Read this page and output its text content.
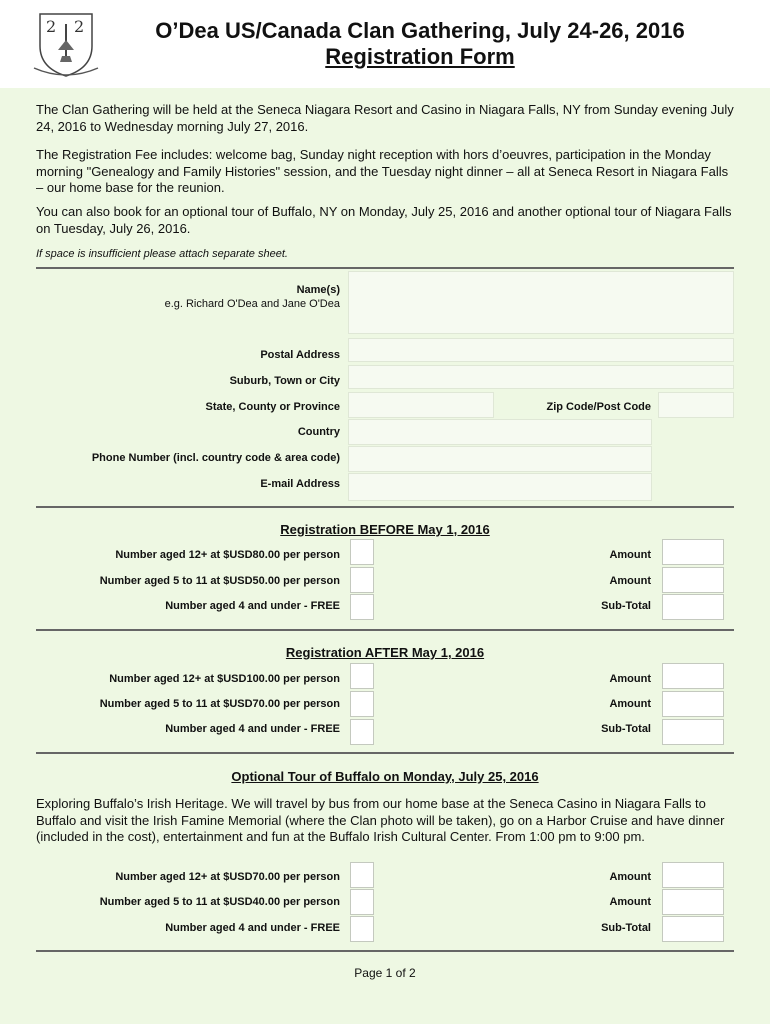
2 2	O’Dea US/Canada Clan Gathering, July 24-26, 2016
Registration Form
The Clan Gathering will be held at the Seneca Niagara Resort and Casino in Niagara Falls, NY from Sunday evening July 24, 2016 to Wednesday morning July 27, 2016.
The Registration Fee includes: welcome bag, Sunday night reception with hors d’oeuvres, participation in the Monday morning "Genealogy and Family Histories" session, and the Tuesday night dinner – all at Seneca Resort in Niagara Falls – our home base for the reunion.
You can also book for an optional tour of Buffalo, NY on Monday, July 25, 2016 and another optional tour of Niagara Falls on Tuesday, July 26, 2016.
If space is insufficient please attach separate sheet.
Name(s)
e.g. Richard O'Dea and Jane O'Dea
Postal Address
Suburb, Town or City
State, County or Province	Zip Code/Post Code
Country
Phone Number (incl. country code & area code)
E-mail Address
Registration BEFORE May 1, 2016
Number aged 12+ at $USD80.00 per person	Amount
Number aged 5 to 11 at $USD50.00 per person	Amount
Number aged 4 and under - FREE	Sub-Total
Registration AFTER May 1, 2016
Number aged 12+ at $USD100.00 per person	Amount
Number aged 5 to 11 at $USD70.00 per person	Amount
Number aged 4 and under - FREE	Sub-Total
Optional Tour of Buffalo on Monday, July 25, 2016
Exploring Buffalo’s Irish Heritage. We will travel by bus from our home base at the Seneca Casino in Niagara Falls to Buffalo and visit the Irish Famine Memorial (where the Clan photo will be taken), go on a Harbor Cruise and have dinner (included in the cost), entertainment and fun at the Buffalo Irish Cultural Center. From 1:00 pm to 9:00 pm.
Number aged 12+ at $USD70.00 per person	Amount
Number aged 5 to 11 at $USD40.00 per person	Amount
Number aged 4 and under - FREE	Sub-Total
Page 1 of 2
